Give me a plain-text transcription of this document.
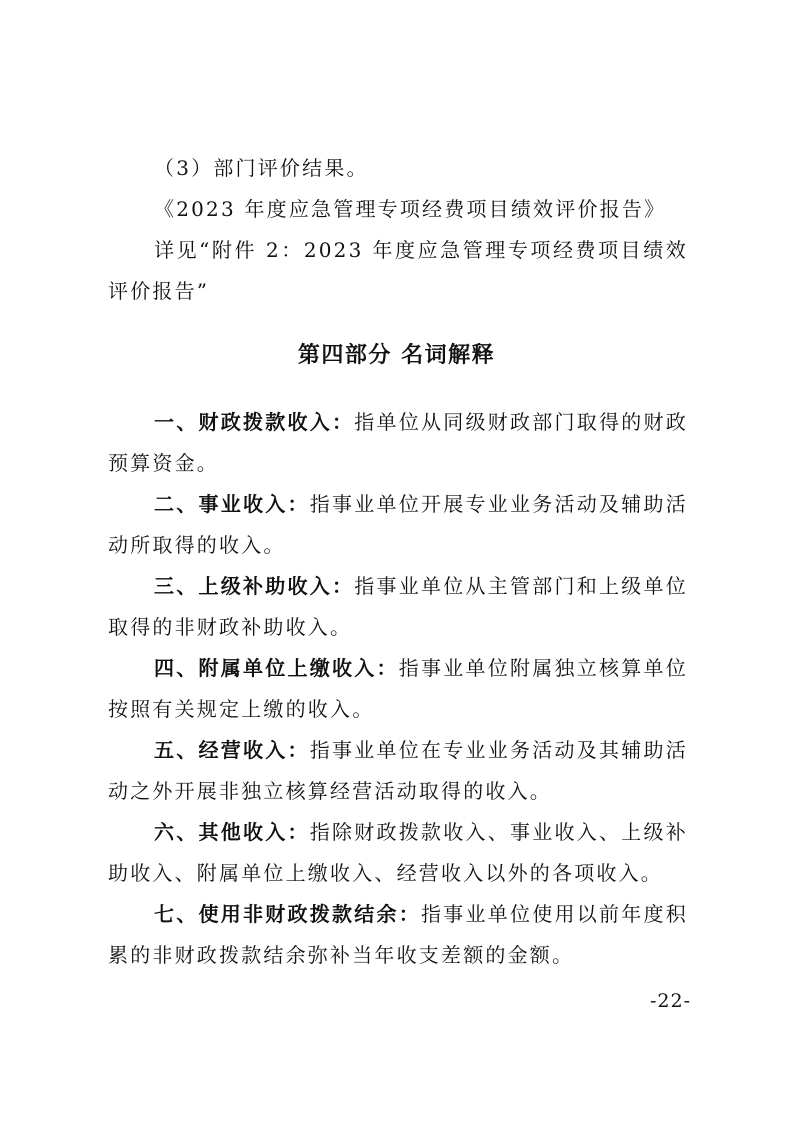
（3）部门评价结果。
《2023 年度应急管理专项经费项目绩效评价报告》
详见“附件 2：2023 年度应急管理专项经费项目绩效评价报告”
第四部分 名词解释
一、财政拨款收入：指单位从同级财政部门取得的财政预算资金。
二、事业收入：指事业单位开展专业业务活动及辅助活动所取得的收入。
三、上级补助收入：指事业单位从主管部门和上级单位取得的非财政补助收入。
四、附属单位上缴收入：指事业单位附属独立核算单位按照有关规定上缴的收入。
五、经营收入：指事业单位在专业业务活动及其辅助活动之外开展非独立核算经营活动取得的收入。
六、其他收入：指除财政拨款收入、事业收入、上级补助收入、附属单位上缴收入、经营收入以外的各项收入。
七、使用非财政拨款结余：指事业单位使用以前年度积累的非财政拨款结余弥补当年收支差额的金额。
-22-
